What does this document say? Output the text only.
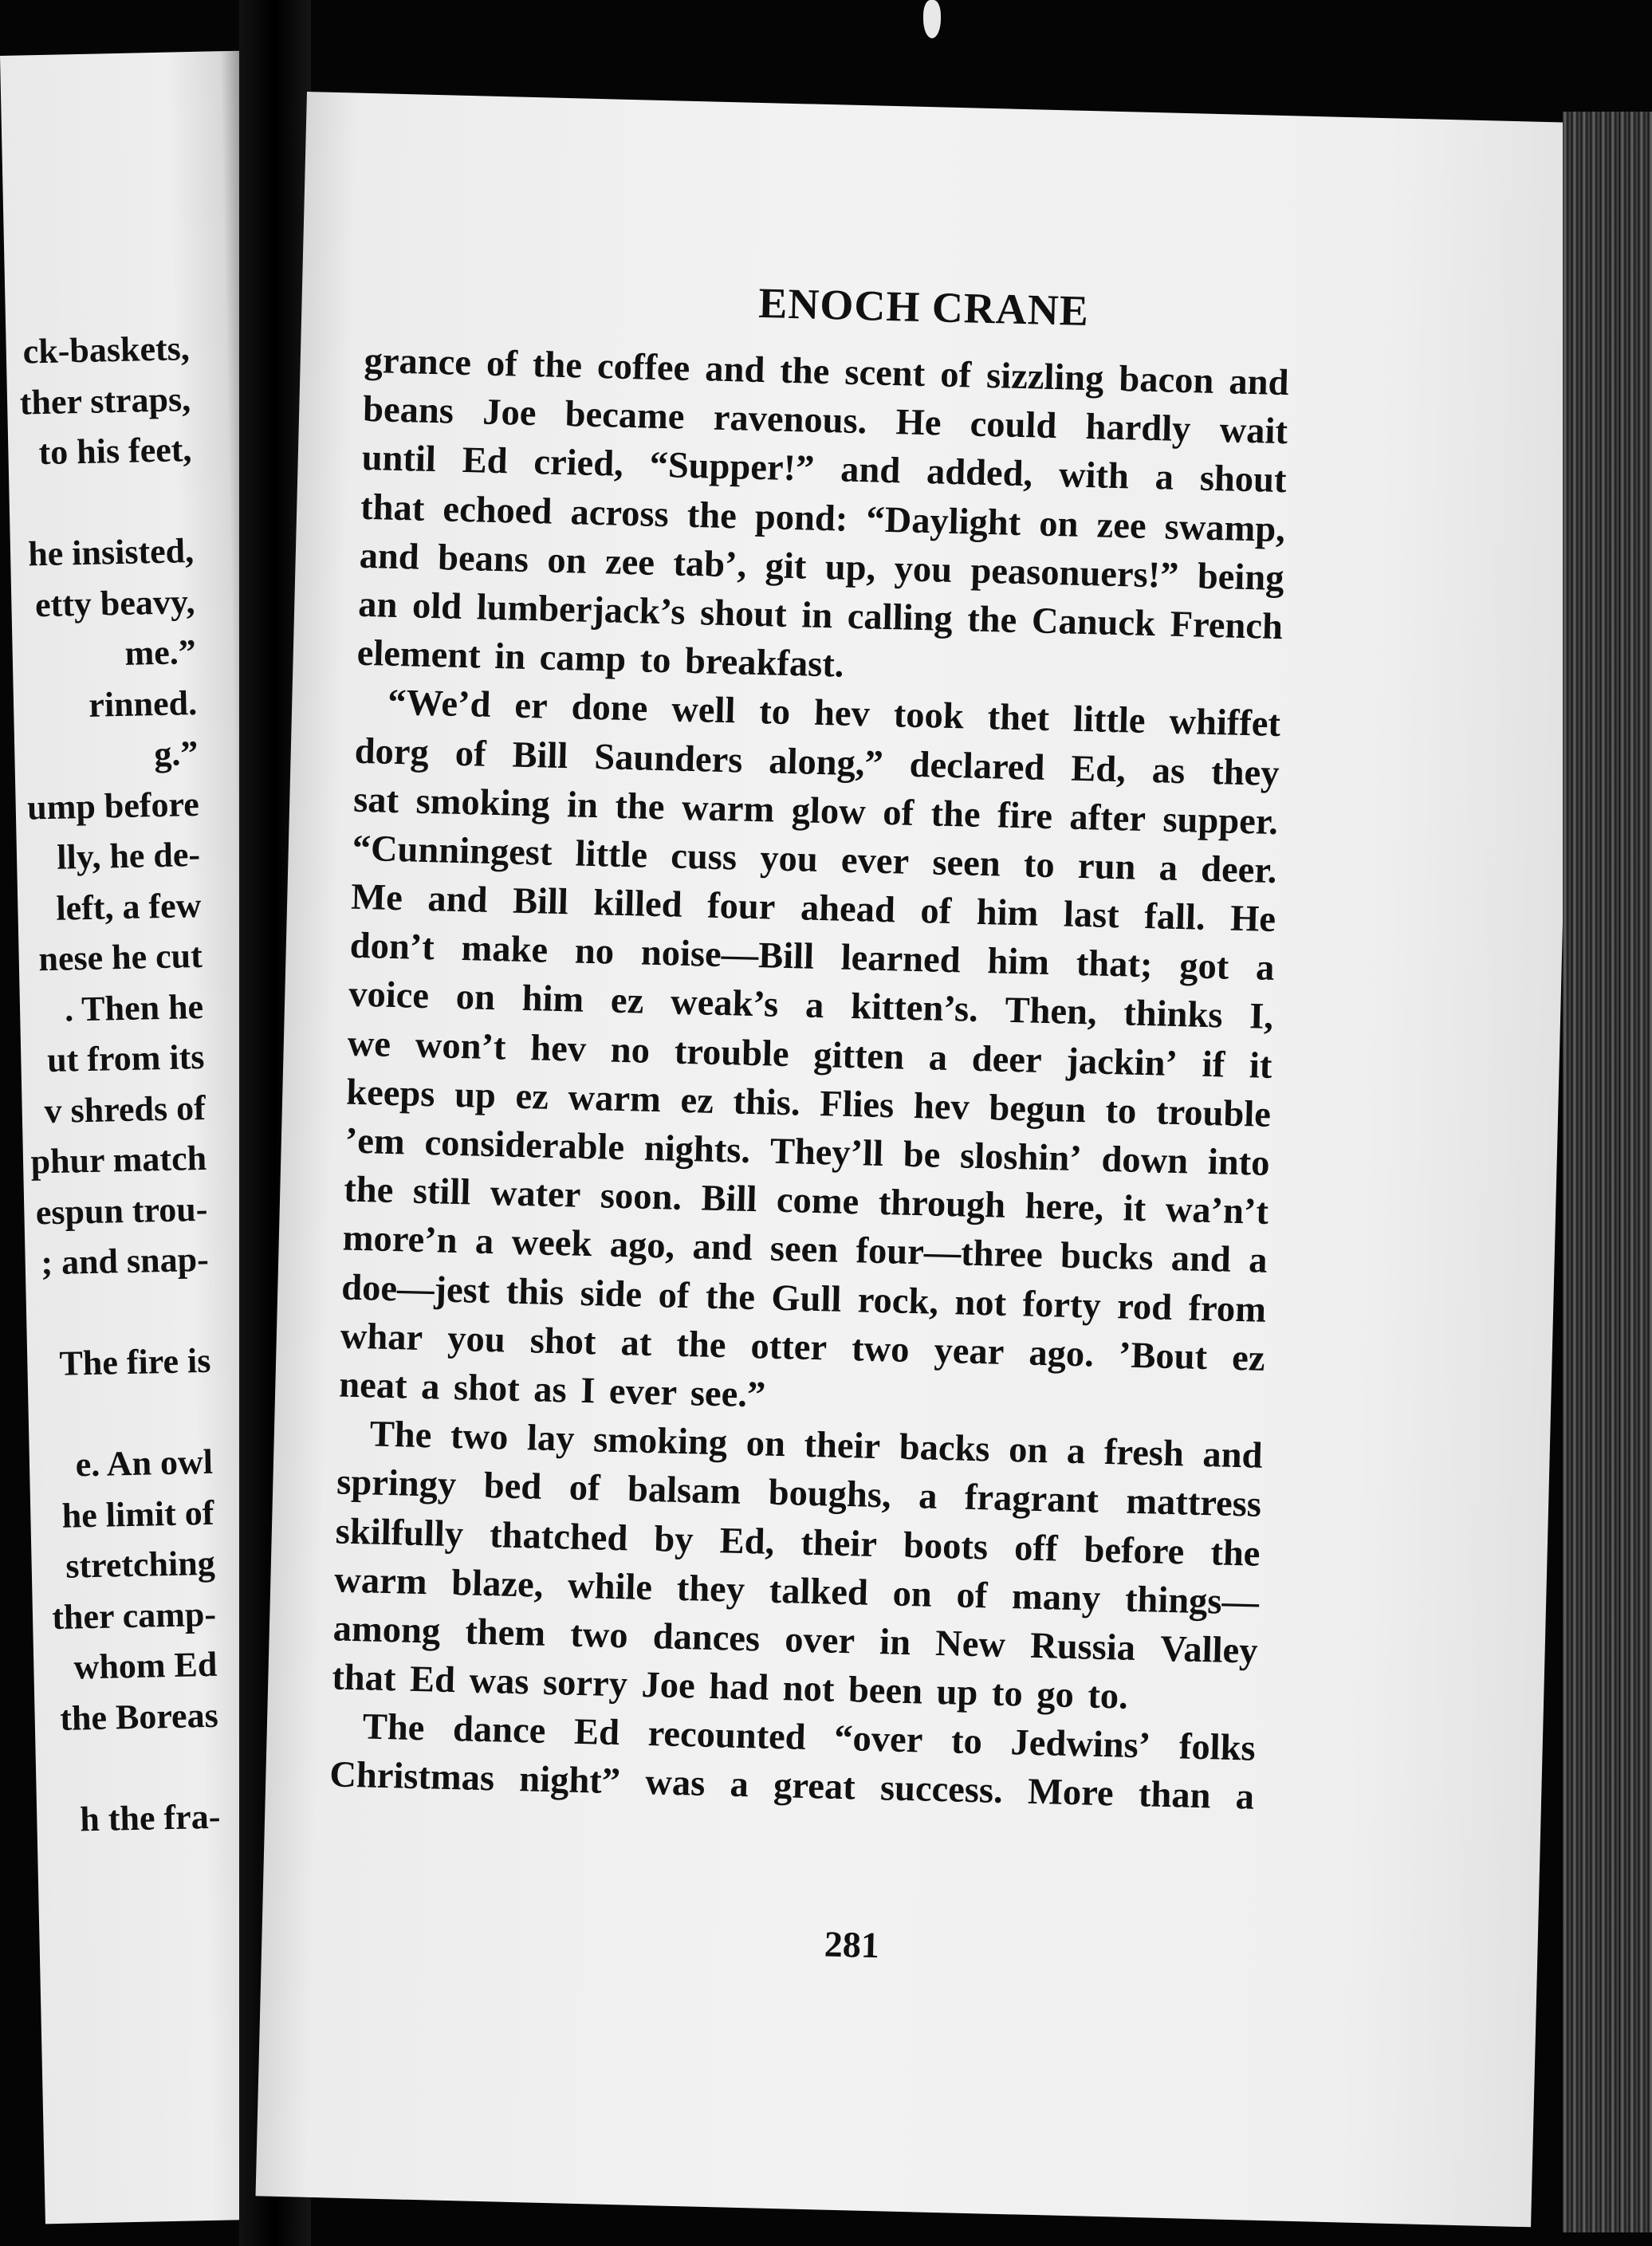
ck-baskets,
ther straps,
to his feet,
he insisted,
etty beavy,
me.”
rinned.
g.”
ump before
lly, he de-
left, a few
nese he cut
. Then he
ut from its
v shreds of
phur match
espun trou-
; and snap-
The fire is
e. An owl
he limit of
stretching
ther camp-
whom Ed
the Boreas
h the fra-
ENOCH CRANE
grance of the coffee and the scent of sizzling bacon and
beans Joe became ravenous. He could hardly wait
until Ed cried, “Supper!” and added, with a shout
that echoed across the pond: “Daylight on zee swamp,
and beans on zee tab’, git up, you peasonuers!” being
an old lumberjack’s shout in calling the Canuck French
element in camp to breakfast.
“We’d er done well to hev took thet little whiffet
dorg of Bill Saunders along,” declared Ed, as they
sat smoking in the warm glow of the fire after supper.
“Cunningest little cuss you ever seen to run a deer.
Me and Bill killed four ahead of him last fall. He
don’t make no noise—Bill learned him that; got a
voice on him ez weak’s a kitten’s. Then, thinks I,
we won’t hev no trouble gitten a deer jackin’ if it
keeps up ez warm ez this. Flies hev begun to trouble
’em considerable nights. They’ll be sloshin’ down into
the still water soon. Bill come through here, it wa’n’t
more’n a week ago, and seen four—three bucks and a
doe—jest this side of the Gull rock, not forty rod from
whar you shot at the otter two year ago. ’Bout ez
neat a shot as I ever see.”
The two lay smoking on their backs on a fresh and
springy bed of balsam boughs, a fragrant mattress
skilfully thatched by Ed, their boots off before the
warm blaze, while they talked on of many things—
among them two dances over in New Russia Valley
that Ed was sorry Joe had not been up to go to.
The dance Ed recounted “over to Jedwins’ folks
Christmas night” was a great success. More than a
281
